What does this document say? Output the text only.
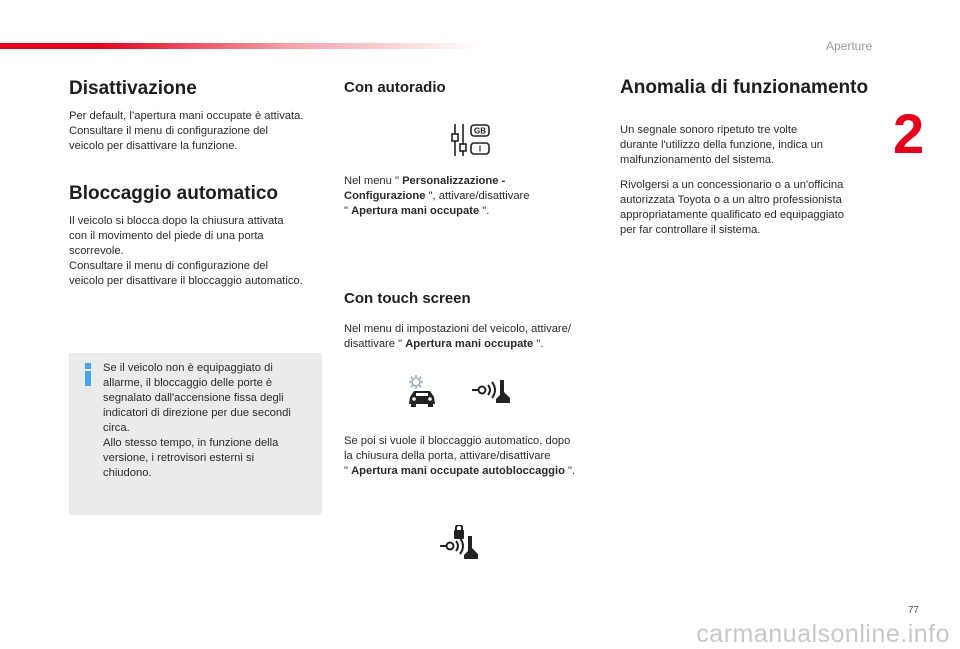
Aperture
2
Disattivazione

Per default, l’apertura mani occupate è attivata.

Consultare il menu di configurazione del

veicolo per disattivare la funzione.

Bloccaggio automatico

Il veicolo si blocca dopo la chiusura attivata

con il movimento del piede di una porta

scorrevole.

Consultare il menu di configurazione del

veicolo per disattivare il bloccaggio automatico.

Se il veicolo non è equipaggiato di

allarme, il bloccaggio delle porte è

segnalato dall'accensione fissa degli

indicatori di direzione per due secondi

circa.

Allo stesso tempo, in funzione della

versione, i retrovisori esterni si

chiudono.

Con autoradio
GB
I

Nel menu " Personalizzazione -

Configurazione ", attivare/disattivare

" Apertura mani occupate ".

Con touch screen

Nel menu di impostazioni del veicolo, attivare/

disattivare " Apertura mani occupate ".

Se poi si vuole il bloccaggio automatico, dopo

la chiusura della porta, attivare/disattivare

" Apertura mani occupate autobloccaggio ".

Anomalia di funzionamento

Un segnale sonoro ripetuto tre volte

durante l'utilizzo della funzione, indica un

malfunzionamento del sistema.

Rivolgersi a un concessionario o a un'officina

autorizzata Toyota o a un altro professionista

appropriatamente qualificato ed equipaggiato

per far controllare il sistema.

77
carmanualsonline.info
